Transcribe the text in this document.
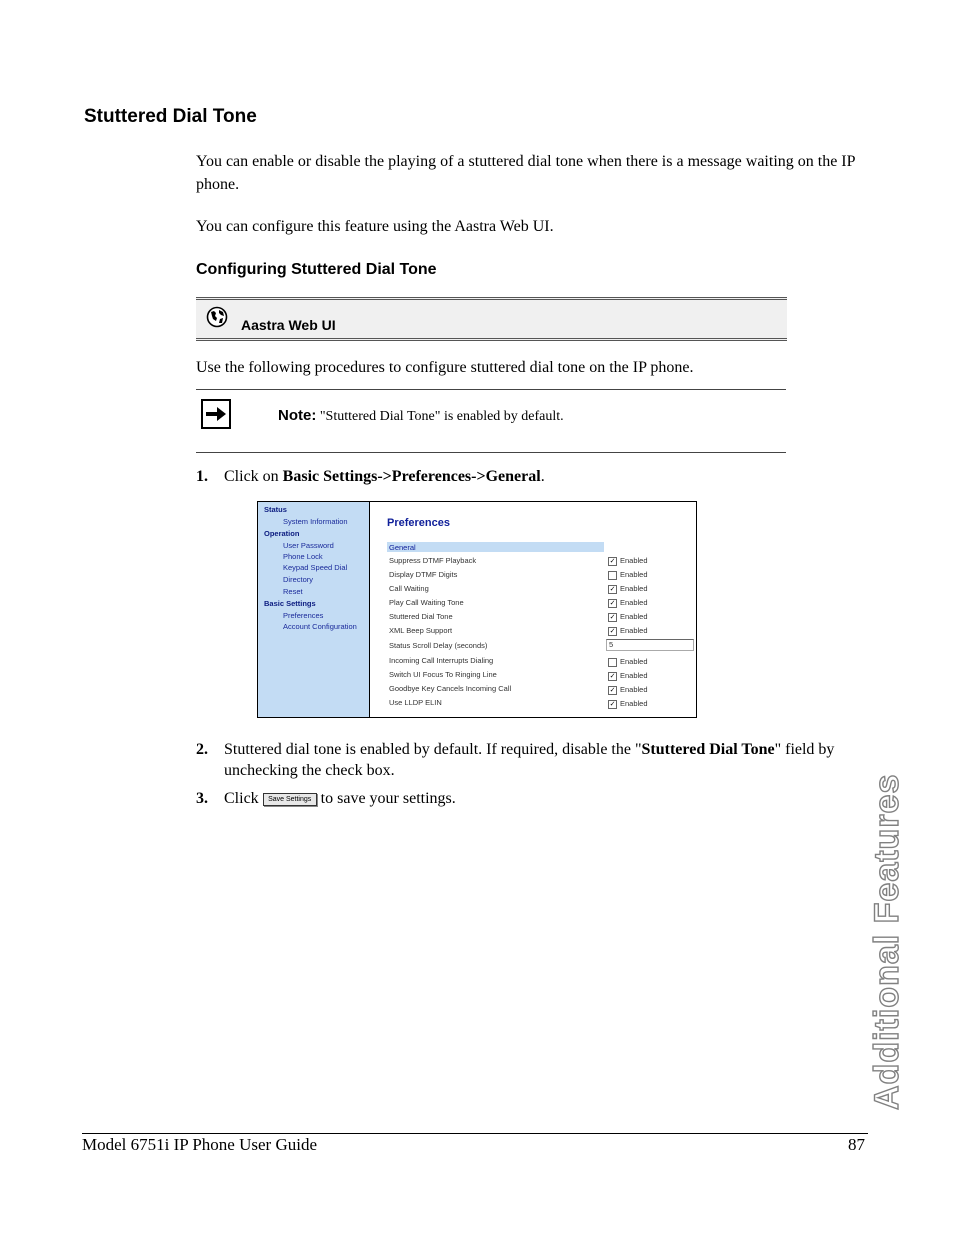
Stuttered Dial Tone
You can enable or disable the playing of a stuttered dial tone when there is a message waiting on the IP phone.
You can configure this feature using the Aastra Web UI.
Configuring Stuttered Dial Tone
Aastra Web UI
Use the following procedures to configure stuttered dial tone on the IP phone.
Note: "Stuttered Dial Tone" is enabled by default.
1. Click on Basic Settings->Preferences->General.
Status
System Information
Operation
User Password
Phone Lock
Keypad Speed Dial
Directory
Reset
Basic Settings
Preferences
Account Configuration
Preferences
General
Suppress DTMF Playback	✓ Enabled
Display DTMF Digits	Enabled
Call Waiting	✓ Enabled
Play Call Waiting Tone	✓ Enabled
Stuttered Dial Tone	✓ Enabled
XML Beep Support	✓ Enabled
Status Scroll Delay (seconds)	5
Incoming Call Interrupts Dialing	Enabled
Switch UI Focus To Ringing Line	✓ Enabled
Goodbye Key Cancels Incoming Call	✓ Enabled
Use LLDP ELIN	✓ Enabled
2. Stuttered dial tone is enabled by default. If required, disable the "Stuttered Dial Tone" field by unchecking the check box.
3. Click Save Settings to save your settings.	Additional Features
Model 6751i IP Phone User Guide	87
